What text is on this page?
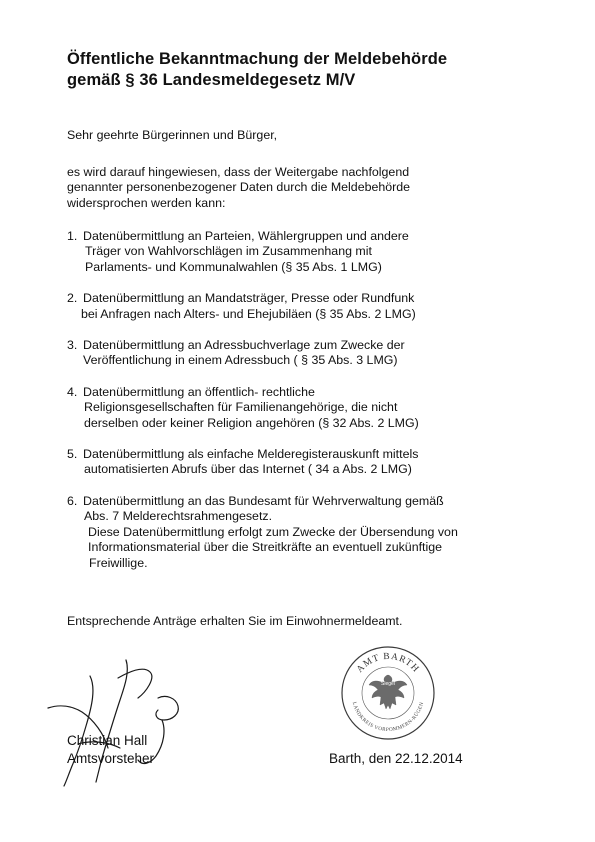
Öffentliche Bekanntmachung der Meldebehörde
gemäß § 36 Landesmeldegesetz M/V
Sehr geehrte Bürgerinnen und Bürger,
es wird darauf hingewiesen, dass der Weitergabe nachfolgend
genannter personenbezogener Daten durch die Meldebehörde
widersprochen werden kann:
1. Datenübermittlung an Parteien, Wählergruppen und andere
Träger von Wahlvorschlägen im Zusammenhang mit
Parlaments- und Kommunalwahlen (§ 35 Abs. 1 LMG)
2. Datenübermittlung an Mandatsträger, Presse oder Rundfunk
bei Anfragen nach Alters- und Ehejubiläen (§ 35 Abs. 2 LMG)
3. Datenübermittlung an Adressbuchverlage zum Zwecke der
Veröffentlichung in einem Adressbuch ( § 35 Abs. 3 LMG)
4. Datenübermittlung an öffentlich- rechtliche
Religionsgesellschaften für Familienangehörige, die nicht
derselben oder keiner Religion angehören (§ 32 Abs. 2 LMG)
5. Datenübermittlung als einfache Melderegisterauskunft mittels
automatisierten Abrufs über das Internet ( 34 a Abs. 2 LMG)
6. Datenübermittlung an das Bundesamt für Wehrverwaltung gemäß
Abs. 7 Melderechtsrahmengesetz.
Diese Datenübermittlung erfolgt zum Zwecke der Übersendung von
Informationsmaterial über die Streitkräfte an eventuell zukünftige
Freiwillige.
Entsprechende Anträge erhalten Sie im Einwohnermeldeamt.
AMT BARTH
LANDKREIS VORPOMMERN-RÜGEN
Siegel
Christian Hall
Amtsvorsteher	Barth, den 22.12.2014
